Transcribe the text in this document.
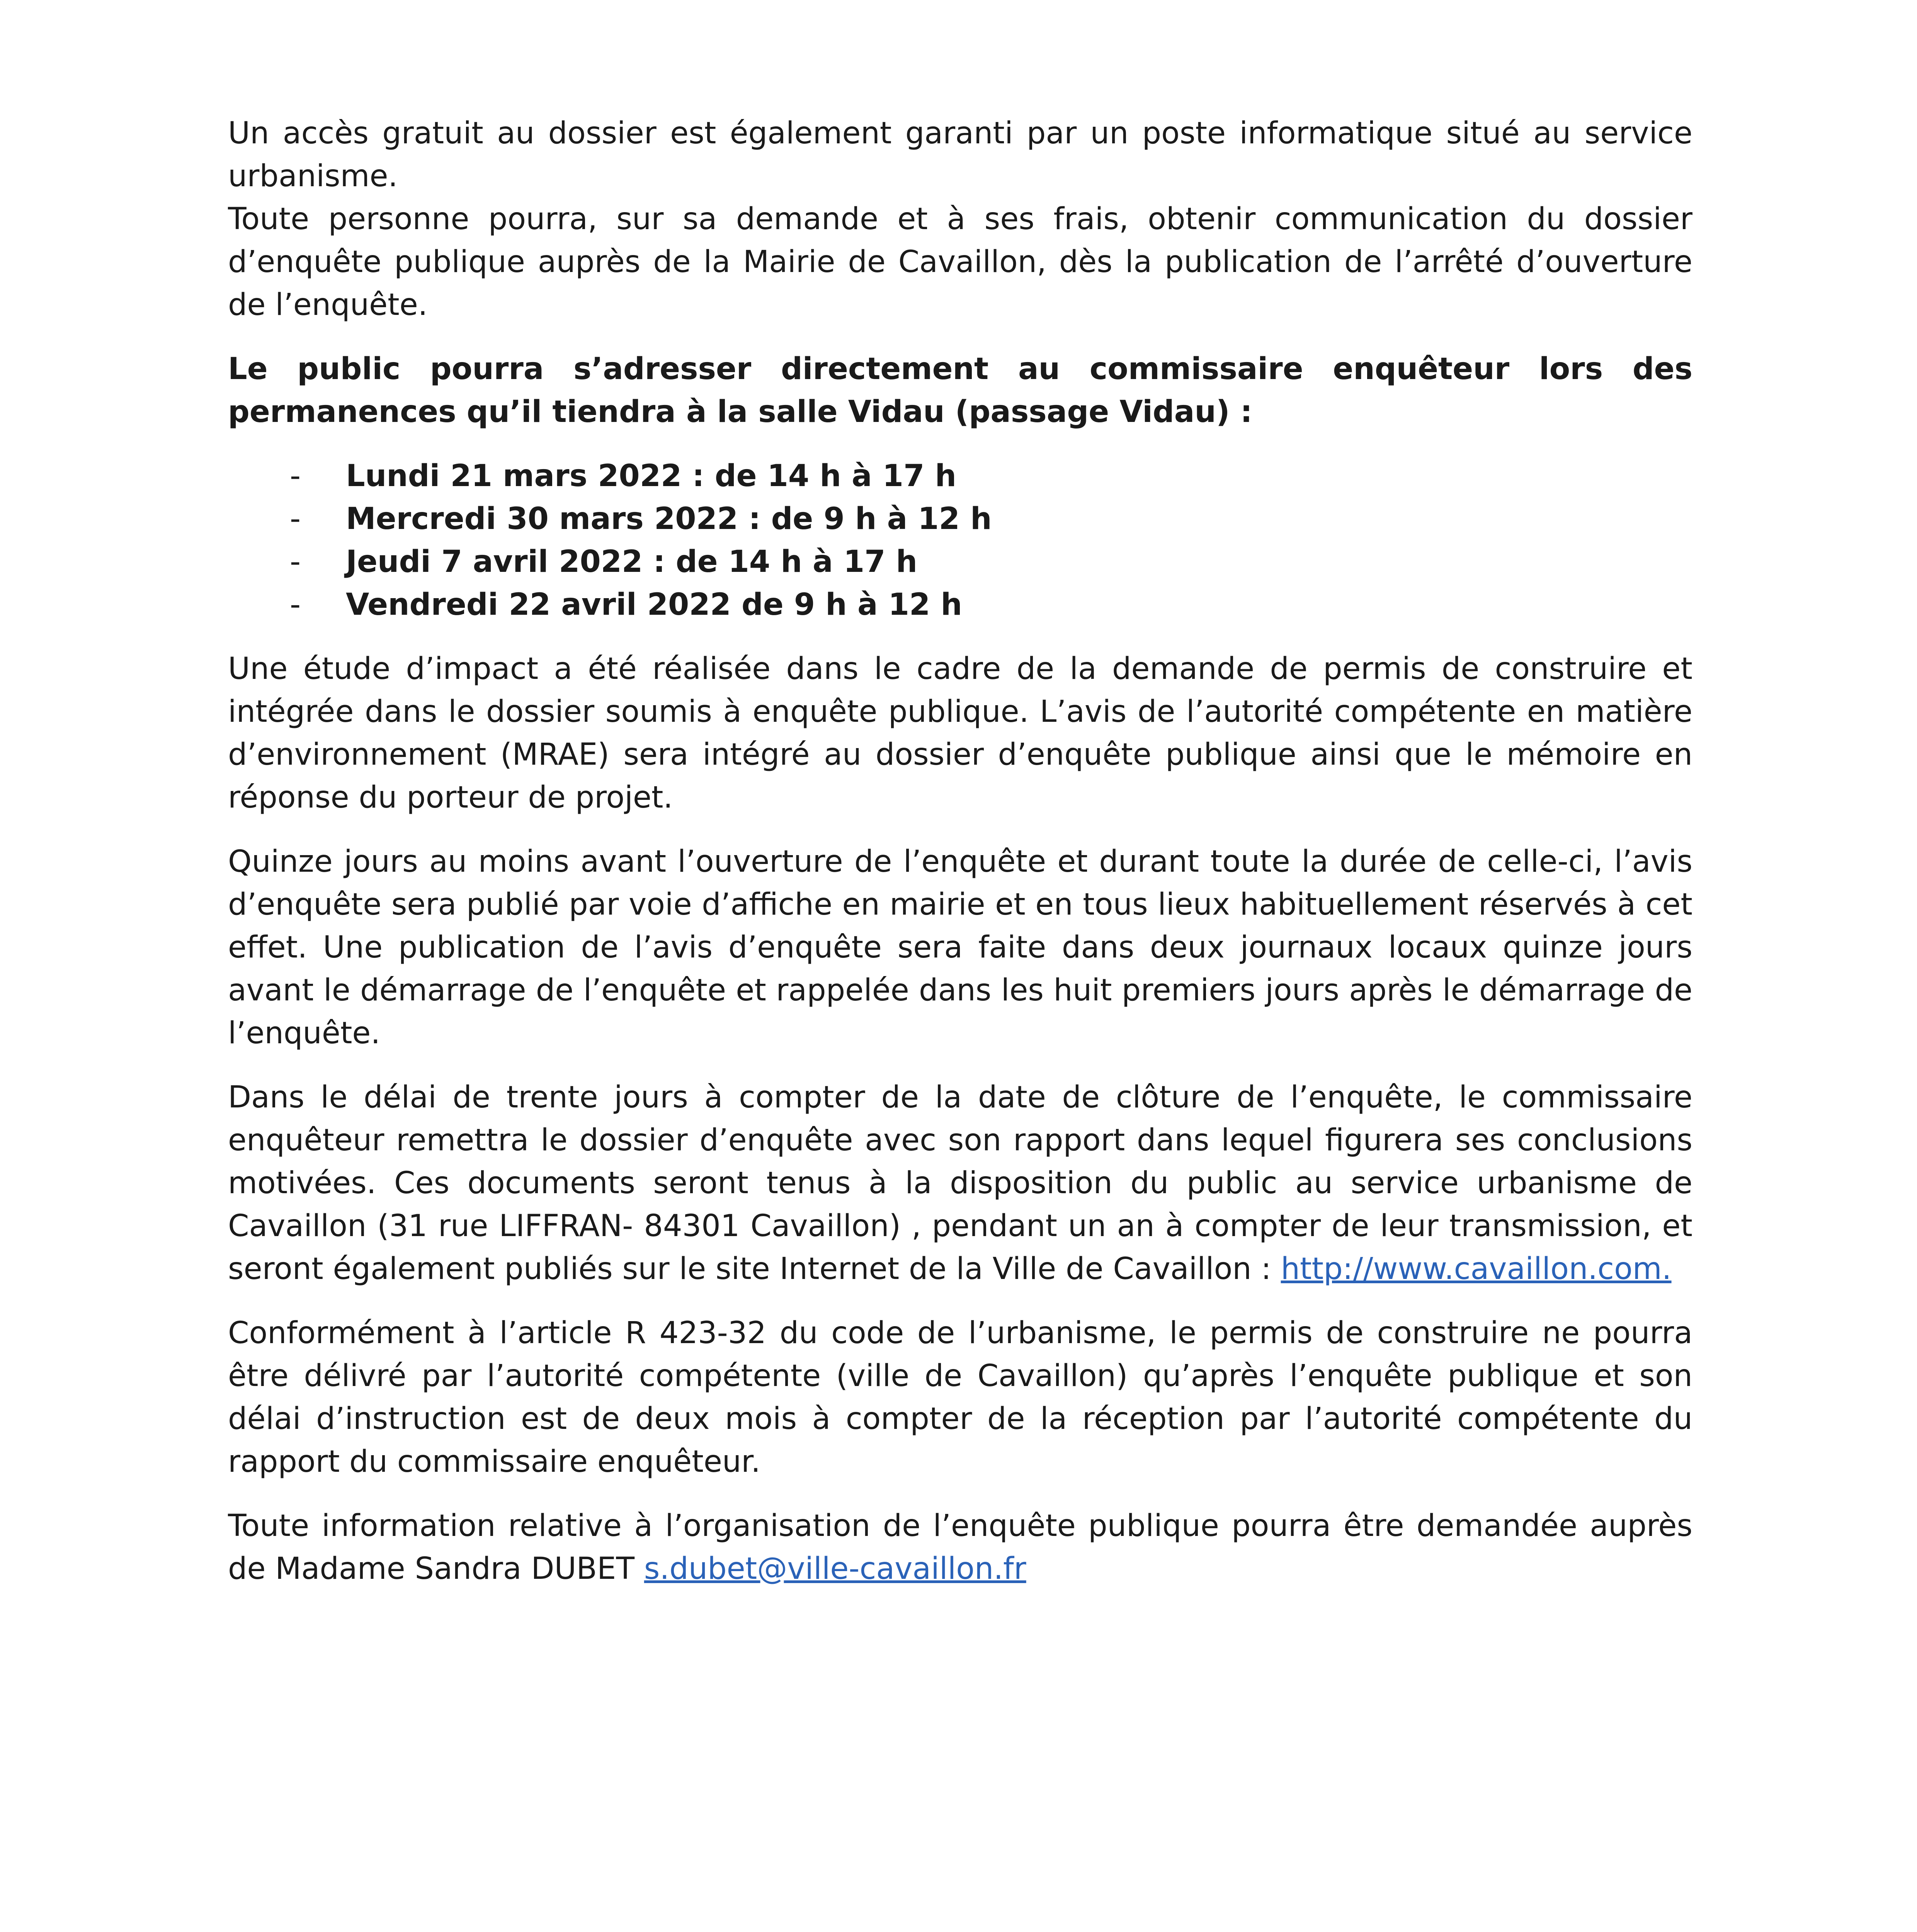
Un accès gratuit au dossier est également garanti par un poste informatique situé au service urbanisme.
Toute personne pourra, sur sa demande et à ses frais, obtenir communication du dossier d’enquête publique auprès de la Mairie de Cavaillon, dès la publication de l’arrêté d’ouverture de l’enquête.

Le public pourra s’adresser directement au commissaire enquêteur lors des permanences qu’il tiendra à la salle Vidau (passage Vidau) :

- Lundi 21 mars 2022 : de 14 h à 17 h
- Mercredi 30 mars 2022 : de 9 h à 12 h
- Jeudi 7 avril 2022 : de 14 h à 17 h
- Vendredi 22 avril 2022 de 9 h à 12 h

Une étude d’impact a été réalisée dans le cadre de la demande de permis de construire et intégrée dans le dossier soumis à enquête publique. L’avis de l’autorité compétente en matière d’environnement (MRAE) sera intégré au dossier d’enquête publique ainsi que le mémoire en réponse du porteur de projet.

Quinze jours au moins avant l’ouverture de l’enquête et durant toute la durée de celle-ci, l’avis d’enquête sera publié par voie d’affiche en mairie et en tous lieux habituellement réservés à cet effet. Une publication de l’avis d’enquête sera faite dans deux journaux locaux quinze jours avant le démarrage de l’enquête et rappelée dans les huit premiers jours après le démarrage de l’enquête.

Dans le délai de trente jours à compter de la date de clôture de l’enquête, le commissaire enquêteur remettra le dossier d’enquête avec son rapport dans lequel figurera ses conclusions motivées. Ces documents seront tenus à la disposition du public au service urbanisme de Cavaillon (31 rue LIFFRAN- 84301 Cavaillon) , pendant un an à compter de leur transmission, et seront également publiés sur le site Internet de la Ville de Cavaillon : http://www.cavaillon.com.

Conformément à l’article R 423-32 du code de l’urbanisme, le permis de construire ne pourra être délivré par l’autorité compétente (ville de Cavaillon) qu’après l’enquête publique et son délai d’instruction est de deux mois à compter de la réception par l’autorité compétente du rapport du commissaire enquêteur.

Toute information relative à l’organisation de l’enquête publique pourra être demandée auprès de Madame Sandra DUBET s.dubet@ville-cavaillon.fr
